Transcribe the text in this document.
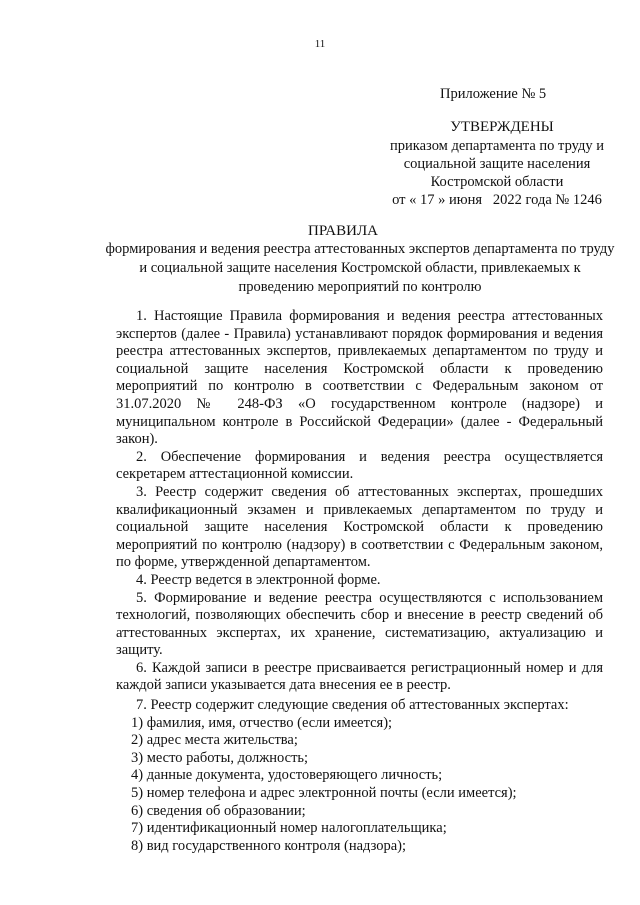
11
Приложение № 5
УТВЕРЖДЕНЫ
приказом департамента по труду и
социальной защите населения
Костромской области
от « 17 » июня   2022 года № 1246
ПРАВИЛА
формирования и ведения реестра аттестованных экспертов департамента по труду и социальной защите населения Костромской области, привлекаемых к проведению мероприятий по контролю

1. Настоящие Правила формирования и ведения реестра аттестованных экспертов (далее - Правила) устанавливают порядок формирования и ведения реестра аттестованных экспертов, привлекаемых департаментом по труду и социальной защите населения Костромской области к проведению мероприятий по контролю в соответствии с Федеральным законом от 31.07.2020 № 248-ФЗ «О государственном контроле (надзоре) и муниципальном контроле в Российской Федерации» (далее - Федеральный закон).

2. Обеспечение формирования и ведения реестра осуществляется секретарем аттестационной комиссии.

3. Реестр содержит сведения об аттестованных экспертах, прошедших квалификационный экзамен и привлекаемых департаментом по труду и социальной защите населения Костромской области к проведению мероприятий по контролю (надзору) в соответствии с Федеральным законом, по форме, утвержденной департаментом.

4. Реестр ведется в электронной форме.

5. Формирование и ведение реестра осуществляются с использованием технологий, позволяющих обеспечить сбор и внесение в реестр сведений об аттестованных экспертах, их хранение, систематизацию, актуализацию и защиту.

6. Каждой записи в реестре присваивается регистрационный номер и для каждой записи указывается дата внесения ее в реестр.

7. Реестр содержит следующие сведения об аттестованных экспертах:

1) фамилия, имя, отчество (если имеется);

2) адрес места жительства;

3) место работы, должность;

4) данные документа, удостоверяющего личность;

5) номер телефона и адрес электронной почты (если имеется);

6) сведения об образовании;

7) идентификационный номер налогоплательщика;

8) вид государственного контроля (надзора);
